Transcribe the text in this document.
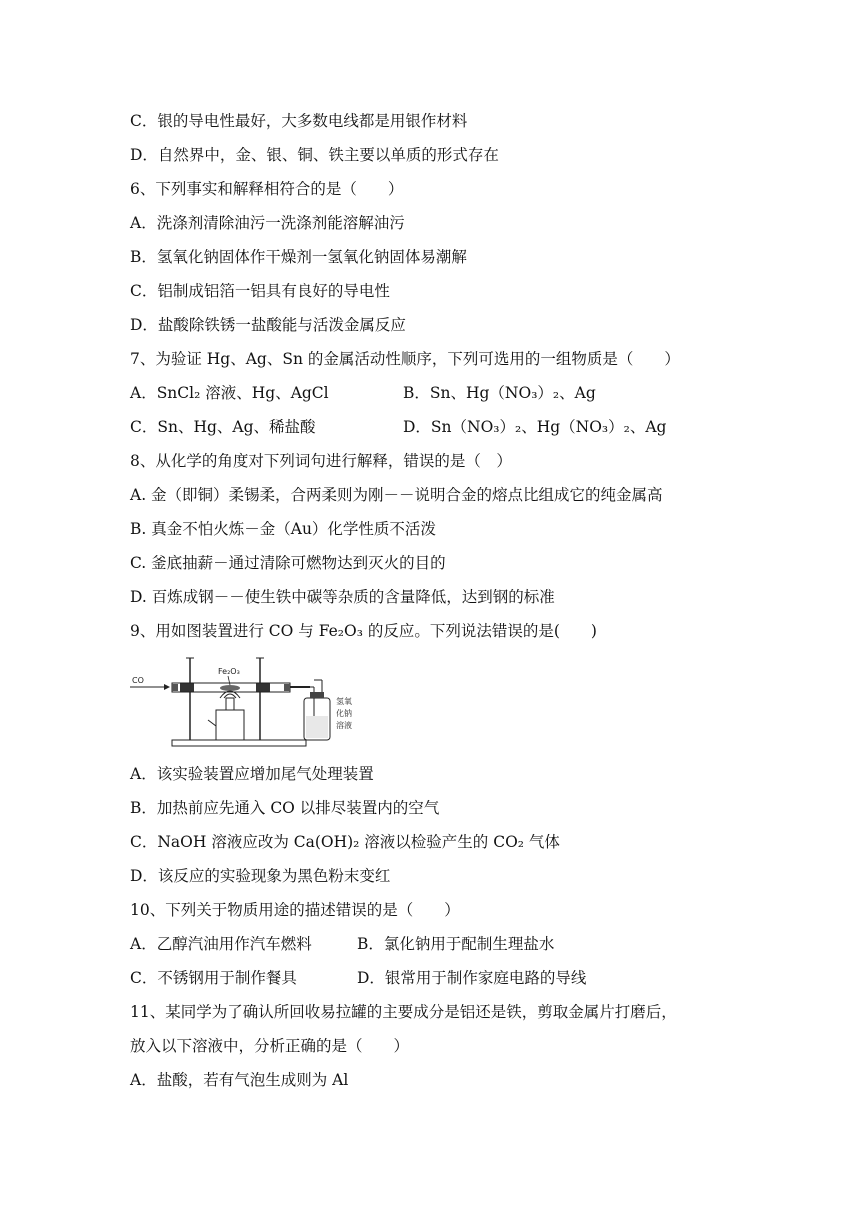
C．银的导电性最好，大多数电线都是用银作材料
D．自然界中，金、银、铜、铁主要以单质的形式存在
6、下列事实和解释相符合的是（　　）
A．洗涤剂清除油污一洗涤剂能溶解油污
B．氢氧化钠固体作干燥剂一氢氧化钠固体易潮解
C．铝制成铝箔一铝具有良好的导电性
D．盐酸除铁锈一盐酸能与活泼金属反应
7、为验证 Hg、Ag、Sn 的金属活动性顺序，下列可选用的一组物质是（　　）
A．SnCl₂ 溶液、Hg、AgCl	B．Sn、Hg（NO₃）₂、Ag
C．Sn、Hg、Ag、稀盐酸	D．Sn（NO₃）₂、Hg（NO₃）₂、Ag
8、从化学的角度对下列词句进行解释，错误的是（　）
A. 金（即铜）柔锡柔，合两柔则为刚－－说明合金的熔点比组成它的纯金属高
B. 真金不怕火炼－金（Au）化学性质不活泼
C. 釜底抽薪－通过清除可燃物达到灭火的目的
D. 百炼成钢－－使生铁中碳等杂质的含量降低，达到钢的标准
9、用如图装置进行 CO 与 Fe₂O₃ 的反应。下列说法错误的是(　　)
CO
Fe₂O₃
氢氧
化钠
溶液
A．该实验装置应增加尾气处理装置
B．加热前应先通入 CO 以排尽装置内的空气
C．NaOH 溶液应改为 Ca(OH)₂ 溶液以检验产生的 CO₂ 气体
D．该反应的实验现象为黑色粉末变红
10、下列关于物质用途的描述错误的是（　　）
A．乙醇汽油用作汽车燃料	B．氯化钠用于配制生理盐水
C．不锈钢用于制作餐具	D．银常用于制作家庭电路的导线
11、某同学为了确认所回收易拉罐的主要成分是铝还是铁，剪取金属片打磨后，
放入以下溶液中，分析正确的是（　　）
A．盐酸，若有气泡生成则为 Al
